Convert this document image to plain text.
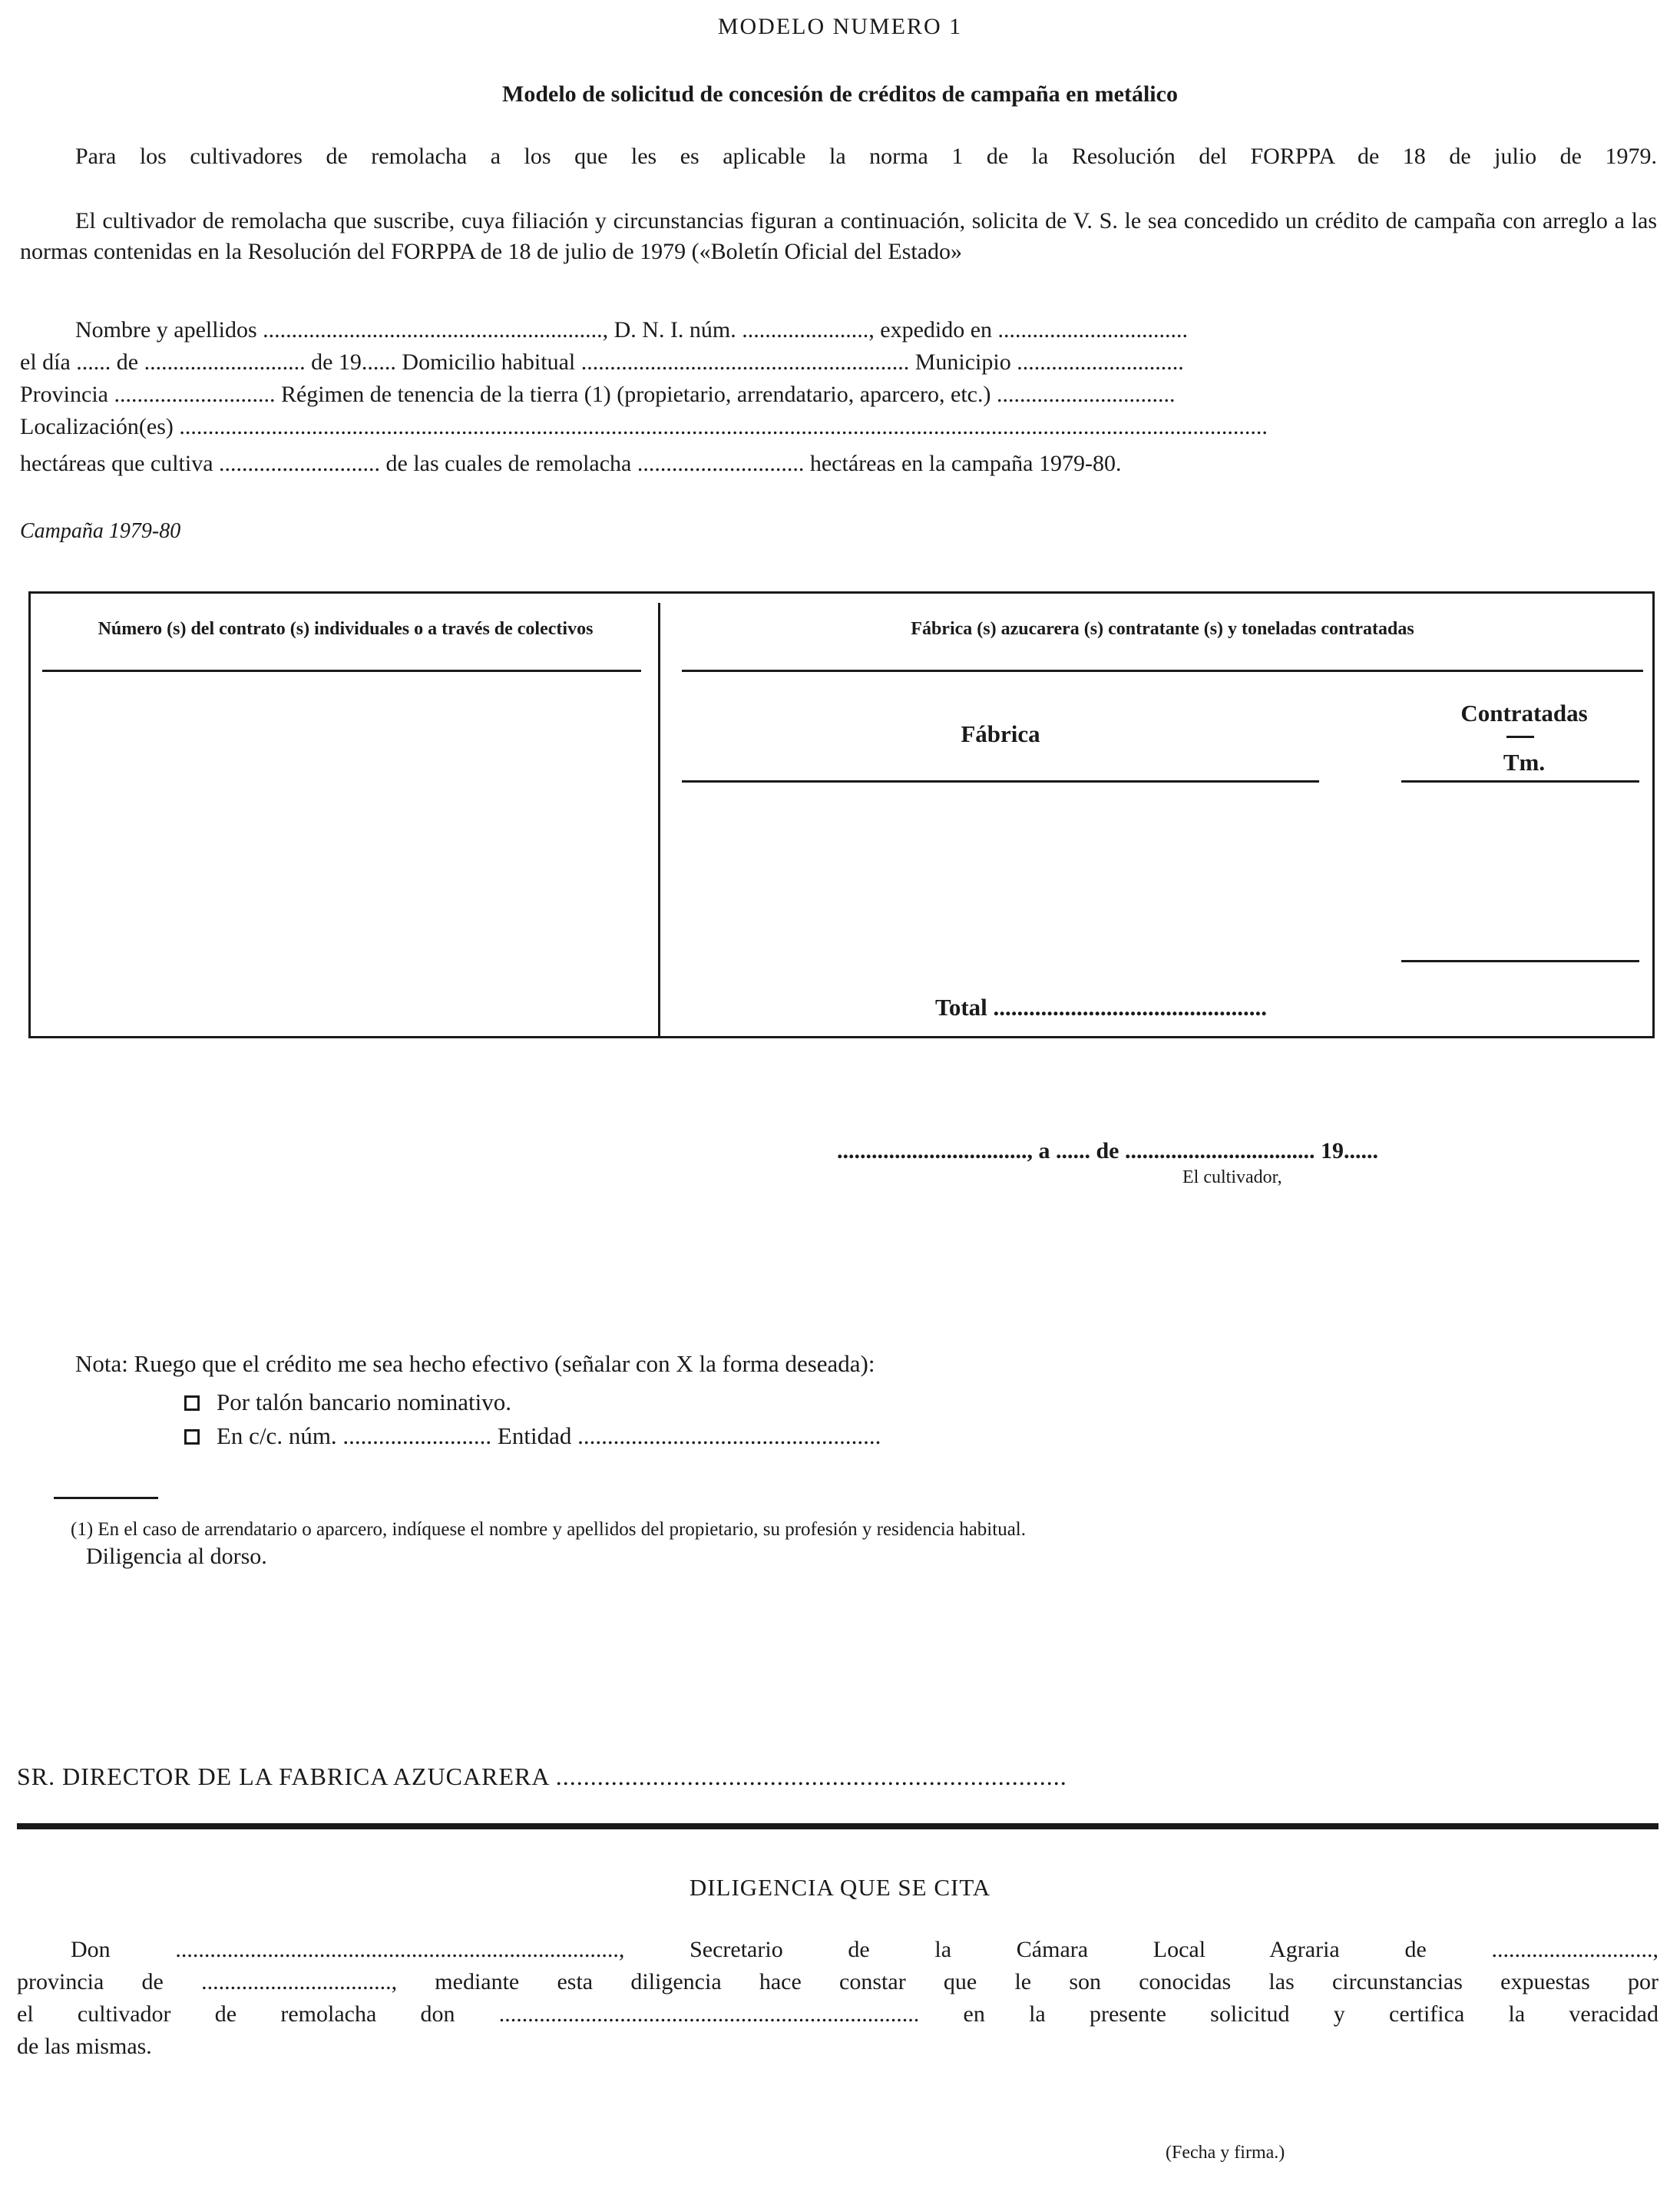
MODELO NUMERO 1
Modelo de solicitud de concesión de créditos de campaña en metálico
Para los cultivadores de remolacha a los que les es aplicable la norma 1 de la Resolución del FORPPA de 18 de julio de 1979.
El cultivador de remolacha que suscribe, cuya filiación y circunstancias figuran a continuación, solicita de V. S. le sea concedido un crédito de campaña con arreglo a las normas contenidas en la Resolución del FORPPA de 18 de julio de 1979 («Boletín Oficial del Estado»
Nombre y apellidos ..........................................................., D. N. I. núm. ......................, expedido en .................................
el día ...... de ............................ de 19...... Domicilio habitual ......................................................... Municipio .............................
Provincia ............................ Régimen de tenencia de la tierra (1) (propietario, arrendatario, aparcero, etc.) ...............................
Localización(es) .............................................................................................................................................................................................
hectáreas que cultiva ............................ de las cuales de remolacha ............................. hectáreas en la campaña 1979-80.
Campaña 1979-80
Número (s) del contrato (s) individuales o a través de colectivos	Fábrica (s) azucarera (s) contratante (s) y toneladas contratadas
Fábrica
Contratadas
Tm.
Total ..............................................
................................., a ...... de ................................. 19......
El cultivador,
Nota: Ruego que el crédito me sea hecho efectivo (señalar con X la forma deseada):
Por talón bancario nominativo.
En c/c. núm. ......................... Entidad ...................................................
(1) En el caso de arrendatario o aparcero, indíquese el nombre y apellidos del propietario, su profesión y residencia habitual.
Diligencia al dorso.
SR. DIRECTOR DE LA FABRICA AZUCARERA ..........................................................................
DILIGENCIA QUE SE CITA
Don ............................................................................., Secretario de la Cámara Local Agraria de ............................,
provincia de ................................., mediante esta diligencia hace constar que le son conocidas las circunstancias expuestas por
el cultivador de remolacha don ......................................................................... en la presente solicitud y certifica la veracidad
de las mismas.
(Fecha y firma.)
